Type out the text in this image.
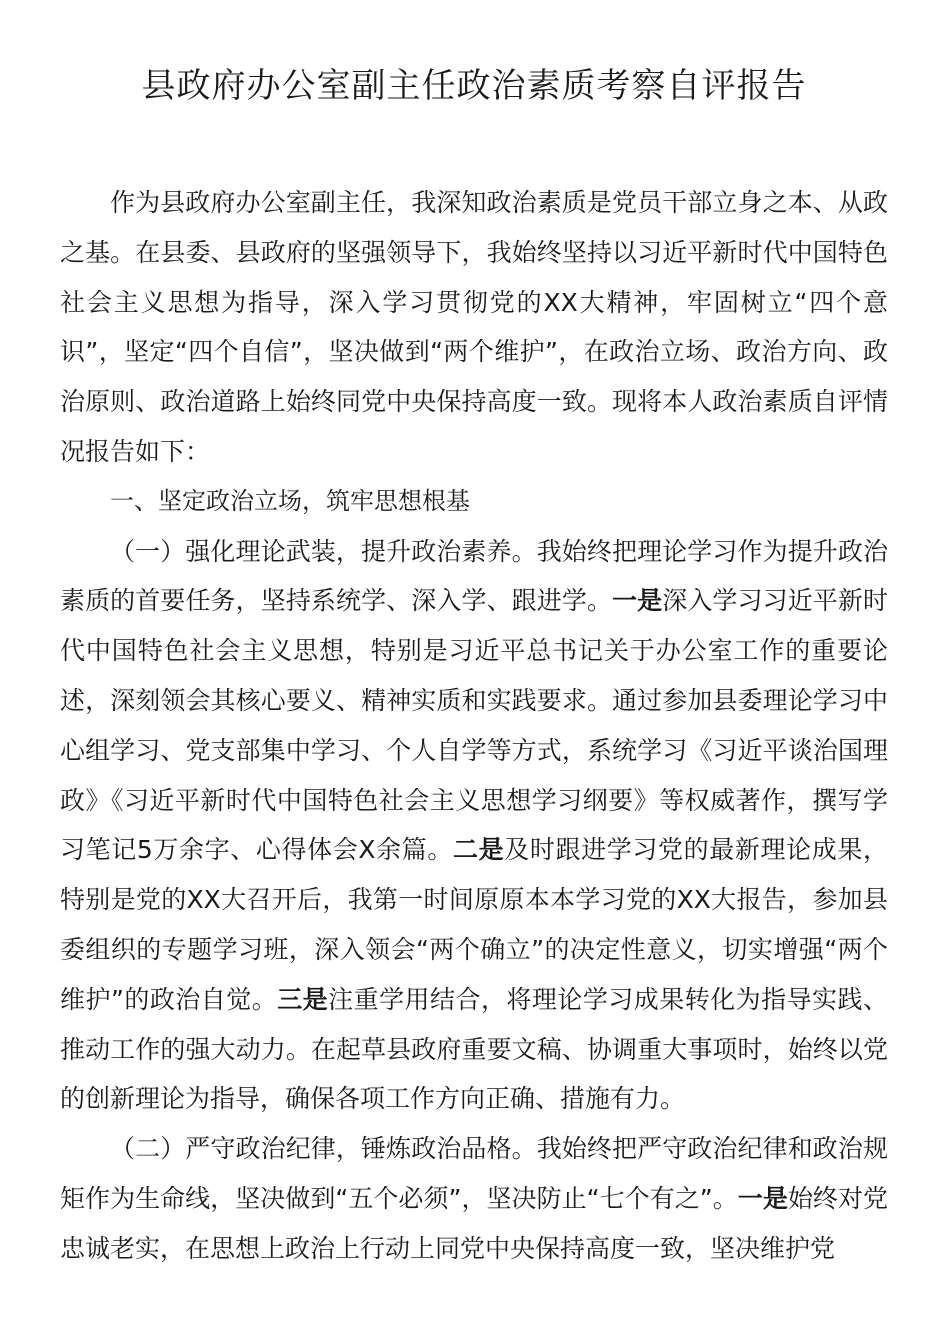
县政府办公室副主任政治素质考察自评报告

作为县政府办公室副主任，我深知政治素质是党员干部立身之本、从政之基。在县委、县政府的坚强领导下，我始终坚持以习近平新时代中国特色社会主义思想为指导，深入学习贯彻党的XX大精神，牢固树立“四个意识”，坚定“四个自信”，坚决做到“两个维护”，在政治立场、政治方向、政治原则、政治道路上始终同党中央保持高度一致。现将本人政治素质自评情况报告如下：

一、坚定政治立场，筑牢思想根基

（一）强化理论武装，提升政治素养。我始终把理论学习作为提升政治素质的首要任务，坚持系统学、深入学、跟进学。一是深入学习习近平新时代中国特色社会主义思想，特别是习近平总书记关于办公室工作的重要论述，深刻领会其核心要义、精神实质和实践要求。通过参加县委理论学习中心组学习、党支部集中学习、个人自学等方式，系统学习《习近平谈治国理政》《习近平新时代中国特色社会主义思想学习纲要》等权威著作，撰写学习笔记5万余字、心得体会X余篇。二是及时跟进学习党的最新理论成果，特别是党的XX大召开后，我第一时间原原本本学习党的XX大报告，参加县委组织的专题学习班，深入领会“两个确立”的决定性意义，切实增强“两个维护”的政治自觉。三是注重学用结合，将理论学习成果转化为指导实践、推动工作的强大动力。在起草县政府重要文稿、协调重大事项时，始终以党的创新理论为指导，确保各项工作方向正确、措施有力。

（二）严守政治纪律，锤炼政治品格。我始终把严守政治纪律和政治规矩作为生命线，坚决做到“五个必须”，坚决防止“七个有之”。一是始终对党忠诚老实，在思想上政治上行动上同党中央保持高度一致，坚决维护党
